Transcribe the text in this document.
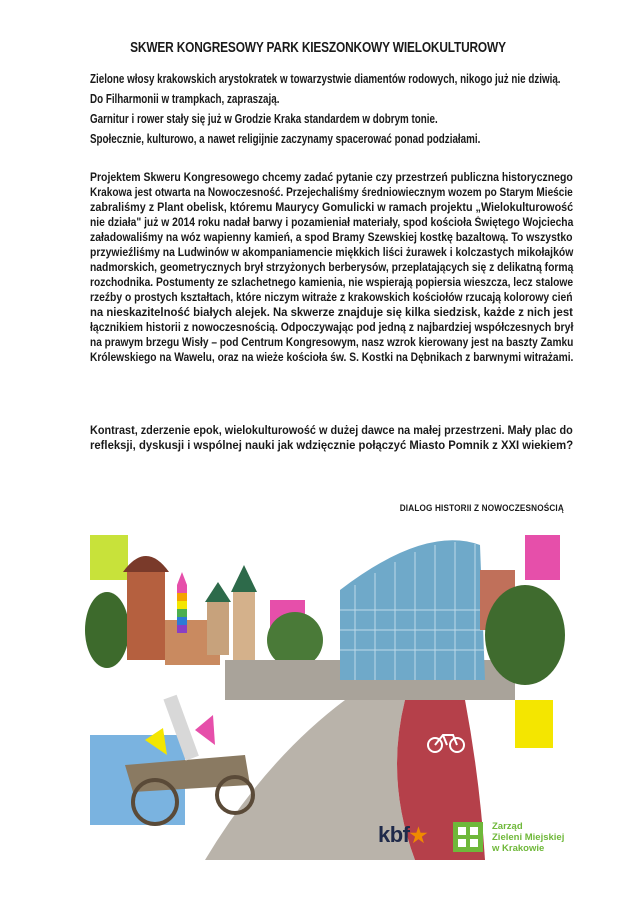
SKWER KONGRESOWY PARK KIESZONKOWY WIELOKULTUROWY

Zielone włosy krakowskich arystokratek w towarzystwie diamentów rodowych, nikogo już nie dziwią.

Do Filharmonii w trampkach, zapraszają.

Garnitur i rower stały się już w Grodzie Kraka standardem w dobrym tonie.

Społecznie, kulturowo, a nawet religijnie zaczynamy spacerować ponad podziałami.

Projektem Skweru Kongresowego chcemy zadać pytanie czy przestrzeń publiczna historycznego
Krakowa jest otwarta na Nowoczesność. Przejechaliśmy średniowiecznym wozem po Starym Mieście
zabraliśmy z Plant obelisk, któremu Maurycy Gomulicki w ramach projektu „Wielokulturowość
nie działa" już w 2014 roku nadał barwy i pozamieniał materiały, spod kościoła Świętego Wojciecha
załadowaliśmy na wóz wapienny kamień, a spod Bramy Szewskiej kostkę bazaltową. To wszystko
przywieźliśmy na Ludwinów w akompaniamencie miękkich liści żurawek i kolczastych mikołajków
nadmorskich, geometrycznych brył strzyżonych berberysów, przeplatających się z delikatną formą
rozchodnika. Postumenty ze szlachetnego kamienia, nie wspierają popiersia wieszcza, lecz stalowe
rzeźby o prostych kształtach, które niczym witraże z krakowskich kościołów rzucają kolorowy cień
na nieskazitelność białych alejek. Na skwerze znajduje się kilka siedzisk, każde z nich jest
łącznikiem historii z nowoczesnością. Odpoczywając pod jedną z najbardziej współczesnych brył
na prawym brzegu Wisły – pod Centrum Kongresowym, nasz wzrok kierowany jest na baszty Zamku
Królewskiego na Wawelu, oraz na wieże kościoła św. S. Kostki na Dębnikach z barwnymi witrażami.
Kontrast, zderzenie epok, wielokulturowość w dużej dawce na małej przestrzeni. Mały plac do
refleksji, dyskusji i wspólnej nauki jak wdzięcznie połączyć Miasto Pomnik z XXI wiekiem?
DIALOG HISTORII Z NOWOCZESNOŚCIĄ
kbf★	Zarząd
Zieleni Miejskiej
w Krakowie
